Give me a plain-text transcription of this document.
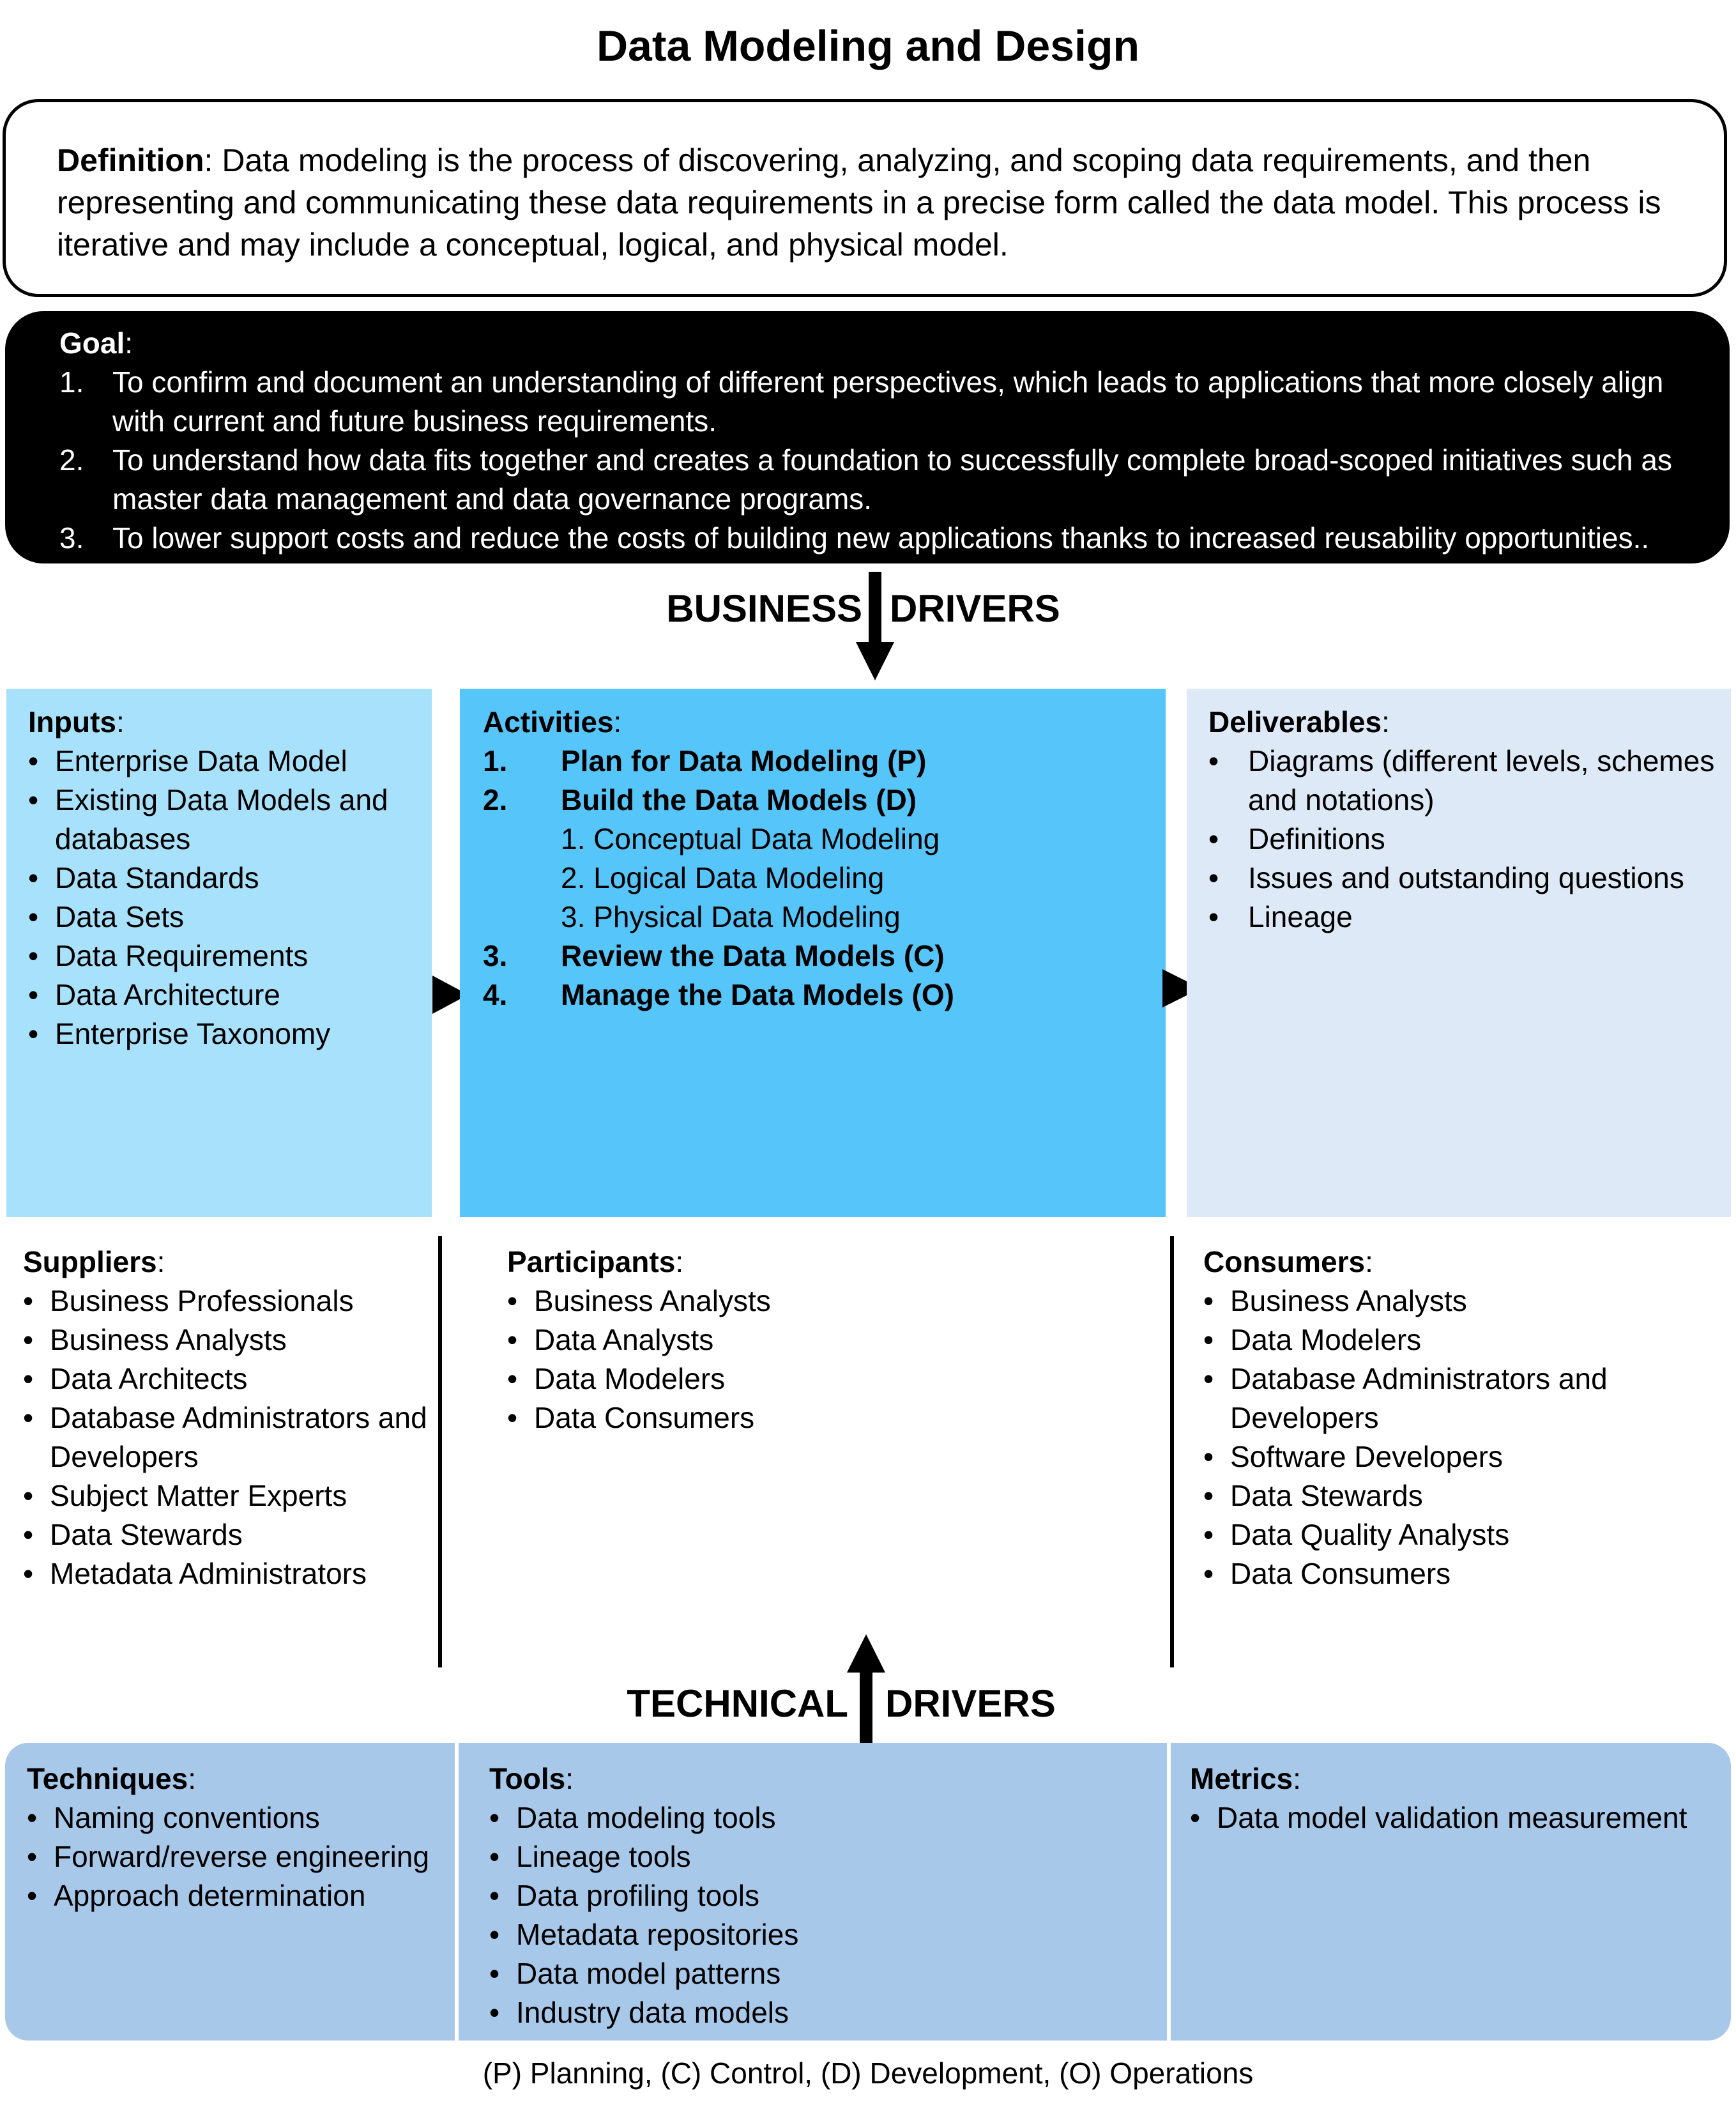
Data Modeling and Design
Definition: Data modeling is the process of discovering, analyzing, and scoping data requirements, and then representing and communicating these data requirements in a precise form called the data model. This process is iterative and may include a conceptual, logical, and physical model.
Goal:
1. To confirm and document an understanding of different perspectives, which leads to applications that more closely align with current and future business requirements.
2. To understand how data fits together and creates a foundation to successfully complete broad-scoped initiatives such as master data management and data governance programs.
3. To lower support costs and reduce the costs of building new applications thanks to increased reusability opportunities..
BUSINESS DRIVERS
Inputs:
• Enterprise Data Model
• Existing Data Models and databases
• Data Standards
• Data Sets
• Data Requirements
• Data Architecture
• Enterprise Taxonomy
Activities:
1.	Plan for Data Modeling (P)
2.	Build the Data Models (D)
1. Conceptual Data Modeling
2. Logical Data Modeling
3. Physical Data Modeling
3.	Review the Data Models (C)
4.	Manage the Data Models (O)
Deliverables:
• Diagrams (different levels, schemes and notations)
• Definitions
• Issues and outstanding questions
• Lineage
Suppliers:
• Business Professionals
• Business Analysts
• Data Architects
• Database Administrators and Developers
• Subject Matter Experts
• Data Stewards
• Metadata Administrators
Participants:
• Business Analysts
• Data Analysts
• Data Modelers
• Data Consumers
Consumers:
• Business Analysts
• Data Modelers
• Database Administrators and Developers
• Software Developers
• Data Stewards
• Data Quality Analysts
• Data Consumers
TECHNICAL DRIVERS
Techniques:
• Naming conventions
• Forward/reverse engineering
• Approach determination
Tools:
• Data modeling tools
• Lineage tools
• Data profiling tools
• Metadata repositories
• Data model patterns
• Industry data models
Metrics:
• Data model validation measurement
(P) Planning, (C) Control, (D) Development, (O) Operations
